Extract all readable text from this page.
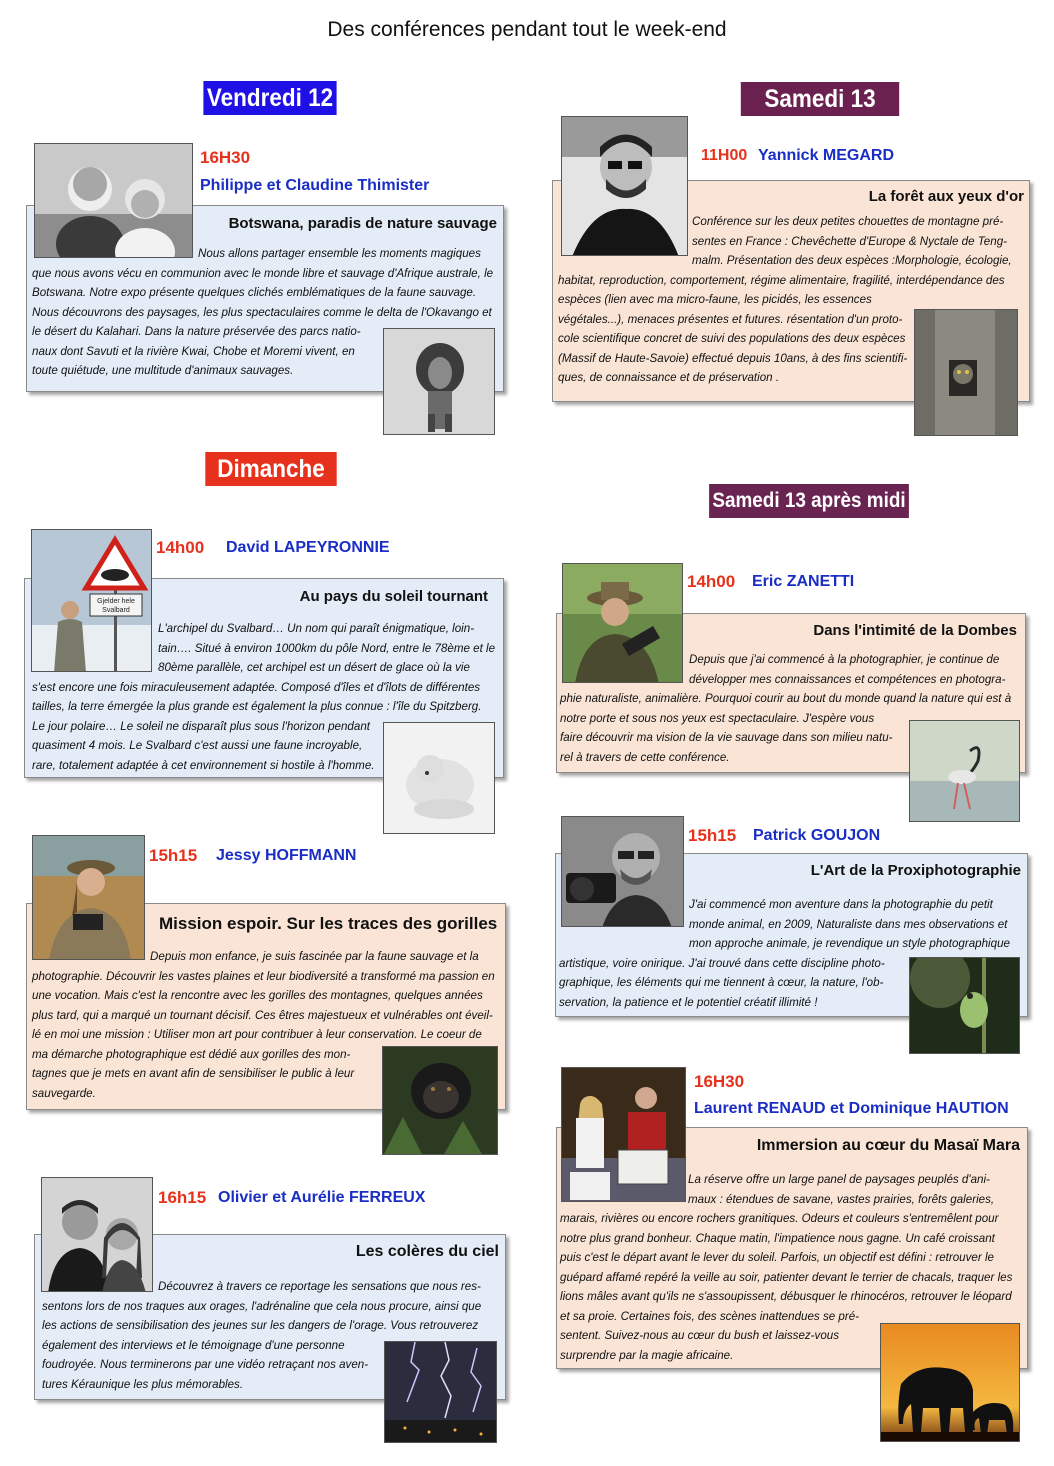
Des conférences pendant tout le week-end
Vendredi 12	Samedi 13 matin
Dimanche 14	Samedi 13 après midi
Botswana, paradis de nature sauvage
Nous allons partager ensemble les moments magiques
que nous avons vécu en communion avec le monde libre et sauvage d'Afrique australe, le
Botswana. Notre expo présente quelques clichés emblématiques de la faune sauvage.
Nous découvrons des paysages, les plus spectaculaires comme le delta de l'Okavango et
le désert du Kalahari. Dans la nature préservée des parcs natio-
naux dont Savuti et la rivière Kwai, Chobe et Moremi vivent, en
toute quiétude, une multitude d'animaux sauvages.
16H30
Philippe et Claudine Thimister
La forêt aux yeux d'or
Conférence sur les deux petites chouettes de montagne pré-
sentes en France : Chevêchette d'Europe & Nyctale de Teng-
malm. Présentation des deux espèces :Morphologie, écologie,
habitat, reproduction, comportement, régime alimentaire, fragilité, interdépendance des
espèces (lien avec ma micro-faune, les picidés, les essences
végétales...), menaces présentes et futures. résentation d'un proto-
cole scientifique concret de suivi des populations des deux espèces
(Massif de Haute-Savoie) effectué depuis 10ans, à des fins scientifi-
ques, de connaissance et de préservation .
11H00 Yannick MEGARD
Au pays du soleil tournant
L'archipel du Svalbard… Un nom qui paraît énigmatique, loin-
tain…. Situé à environ 1000km du pôle Nord, entre le 78ème et le
80ème parallèle, cet archipel est un désert de glace où la vie
s'est encore une fois miraculeusement adaptée. Composé d'îles et d'îlots de différentes
tailles, la terre émergée la plus grande est également la plus connue : l'île du Spitzberg.
Le jour polaire… Le soleil ne disparaît plus sous l'horizon pendant
quasiment 4 mois. Le Svalbard c'est aussi une faune incroyable,
rare, totalement adaptée à cet environnement si hostile à l'homme.
Gjelder hele
Svalbard
14h00 David LAPEYRONNIE
Dans l'intimité de la Dombes
Depuis que j'ai commencé à la photographier, je continue de
développer mes connaissances et compétences en photogra-
phie naturaliste, animalière. Pourquoi courir au bout du monde quand la nature qui est à
notre porte et sous nos yeux est spectaculaire. J'espère vous
faire découvrir ma vision de la vie sauvage dans son milieu natu-
rel à travers de cette conférence.
14h00 Eric ZANETTI
Mission espoir. Sur les traces des gorilles
Depuis mon enfance, je suis fascinée par la faune sauvage et la
photographie. Découvrir les vastes plaines et leur biodiversité a transformé ma passion en
une vocation. Mais c'est la rencontre avec les gorilles des montagnes, quelques années
plus tard, qui a marqué un tournant décisif. Ces êtres majestueux et vulnérables ont éveil-
lé en moi une mission : Utiliser mon art pour contribuer à leur conservation. Le coeur de
ma démarche photographique est dédié aux gorilles des mon-
tagnes que je mets en avant afin de sensibiliser le public à leur
sauvegarde.
15h15 Jessy HOFFMANN
L'Art de la Proxiphotographie
J'ai commencé mon aventure dans la photographie du petit
monde animal, en 2009, Naturaliste dans mes observations et
mon approche animale, je revendique un style photographique
artistique, voire onirique. J'ai trouvé dans cette discipline photo-
graphique, les éléments qui me tiennent à cœur, la nature, l'ob-
servation, la patience et le potentiel créatif illimité !
15h15 Patrick GOUJON
Les colères du ciel
Découvrez à travers ce reportage les sensations que nous res-
sentons lors de nos traques aux orages, l'adrénaline que cela nous procure, ainsi que
les actions de sensibilisation des jeunes sur les dangers de l'orage. Vous retrouverez
également des interviews et le témoignage d'une personne
foudroyée. Nous terminerons par une vidéo retraçant nos aven-
tures Kéraunique les plus mémorables.
16h15 Olivier et Aurélie FERREUX
Immersion au cœur du Masaï Mara
La réserve offre un large panel de paysages peuplés d'ani-
maux : étendues de savane, vastes prairies, forêts galeries,
marais, rivières ou encore rochers granitiques. Odeurs et couleurs s'entremêlent pour
notre plus grand bonheur. Chaque matin, l'impatience nous gagne. Un café croissant
puis c'est le départ avant le lever du soleil. Parfois, un objectif est défini : retrouver le
guépard affamé repéré la veille au soir, patienter devant le terrier de chacals, traquer les
lions mâles avant qu'ils ne s'assoupissent, débusquer le rhinocéros, retrouver le léopard
et sa proie. Certaines fois, des scènes inattendues se pré-
sentent. Suivez-nous au cœur du bush et laissez-vous
surprendre par la magie africaine.
16H30
Laurent RENAUD et Dominique HAUTION
